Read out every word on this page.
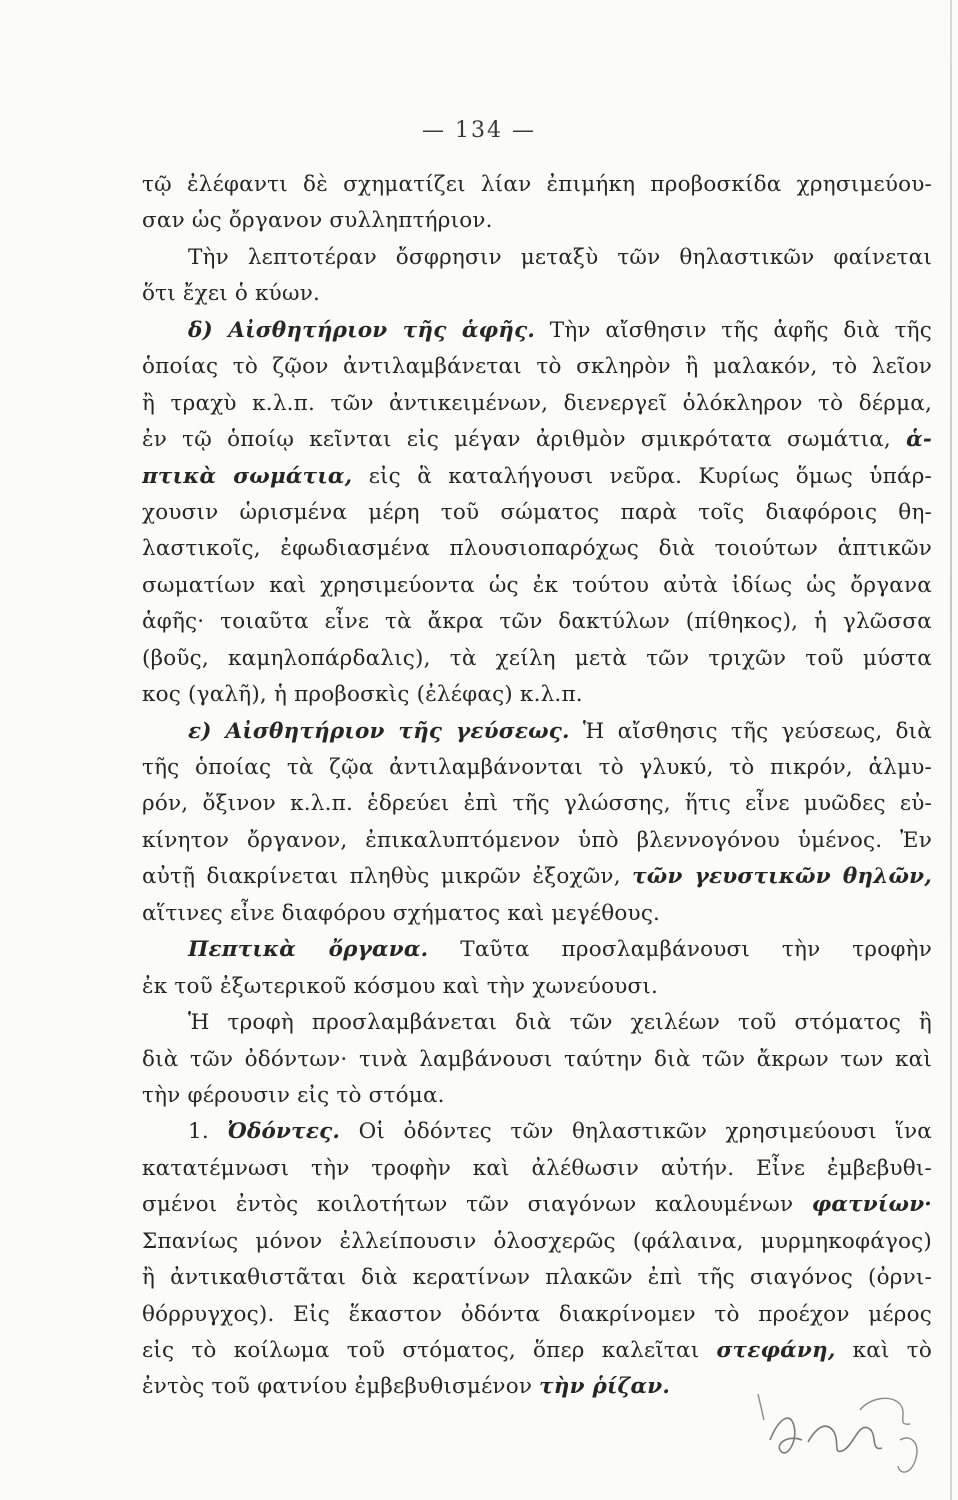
— 134 —
τῷ ἐλέφαντι δὲ σχηματίζει λίαν ἐπιμήκη προβοσκίδα χρησιμεύου-
σαν ὡς ὄργανον συλληπτήριον.
Τὴν λεπτοτέραν ὄσφρησιν μεταξὺ τῶν θηλαστικῶν φαίνεται
ὅτι ἔχει ὁ κύων.
δ) Αἰσθητήριον τῆς ἁφῆς. Τὴν αἴσθησιν τῆς ἁφῆς διὰ τῆς
ὁποίας τὸ ζῷον ἀντιλαμβάνεται τὸ σκληρὸν ἢ μαλακόν, τὸ λεῖον
ἢ τραχὺ κ.λ.π. τῶν ἀντικειμένων, διενεργεῖ ὁλόκληρον τὸ δέρμα,
ἐν τῷ ὁποίῳ κεῖνται εἰς μέγαν ἀριθμὸν σμικρότατα σωμάτια, ἁ-
πτικὰ σωμάτια, εἰς ἃ καταλήγουσι νεῦρα. Κυρίως ὅμως ὑπάρ-
χουσιν ὡρισμένα μέρη τοῦ σώματος παρὰ τοῖς διαφόροις θη-
λαστικοῖς, ἐφωδιασμένα πλουσιοπαρόχως διὰ τοιούτων ἁπτικῶν
σωματίων καὶ χρησιμεύοντα ὡς ἐκ τούτου αὐτὰ ἰδίως ὡς ὄργανα
ἁφῆς· τοιαῦτα εἶνε τὰ ἄκρα τῶν δακτύλων (πίθηκος), ἡ γλῶσσα
(βοῦς, καμηλοπάρδαλις), τὰ χείλη μετὰ τῶν τριχῶν τοῦ μύστα
κος (γαλῆ), ἡ προβοσκὶς (ἐλέφας) κ.λ.π.
ε) Αἰσθητήριον τῆς γεύσεως. Ἡ αἴσθησις τῆς γεύσεως, διὰ
τῆς ὁποίας τὰ ζῷα ἀντιλαμβάνονται τὸ γλυκύ, τὸ πικρόν, ἁλμυ-
ρόν, ὄξινον κ.λ.π. ἑδρεύει ἐπὶ τῆς γλώσσης, ἥτις εἶνε μυῶδες εὐ-
κίνητον ὄργανον, ἐπικαλυπτόμενον ὑπὸ βλεννογόνου ὑμένος. Ἐν
αὐτῇ διακρίνεται πληθὺς μικρῶν ἐξοχῶν, τῶν γευστικῶν θηλῶν,
αἵτινες εἶνε διαφόρου σχήματος καὶ μεγέθους.
Πεπτικὰ ὄργανα. Ταῦτα προσλαμβάνουσι τὴν τροφὴν
ἐκ τοῦ ἐξωτερικοῦ κόσμου καὶ τὴν χωνεύουσι.
Ἡ τροφὴ προσλαμβάνεται διὰ τῶν χειλέων τοῦ στόματος ἢ
διὰ τῶν ὀδόντων· τινὰ λαμβάνουσι ταύτην διὰ τῶν ἄκρων των καὶ
τὴν φέρουσιν εἰς τὸ στόμα.
1. Ὀδόντες. Οἱ ὀδόντες τῶν θηλαστικῶν χρησιμεύουσι ἵνα
κατατέμνωσι τὴν τροφὴν καὶ ἀλέθωσιν αὐτήν. Εἶνε ἐμβεβυθι-
σμένοι ἐντὸς κοιλοτήτων τῶν σιαγόνων καλουμένων φατνίων·
Σπανίως μόνον ἐλλείπουσιν ὁλοσχερῶς (φάλαινα, μυρμηκοφάγος)
ἢ ἀντικαθιστᾶται διὰ κερατίνων πλακῶν ἐπὶ τῆς σιαγόνος (ὀρνι-
θόρρυγχος). Εἰς ἕκαστον ὀδόντα διακρίνομεν τὸ προέχον μέρος
εἰς τὸ κοίλωμα τοῦ στόματος, ὅπερ καλεῖται στεφάνη, καὶ τὸ
ἐντὸς τοῦ φατνίου ἐμβεβυθισμένον τὴν ῥίζαν.
